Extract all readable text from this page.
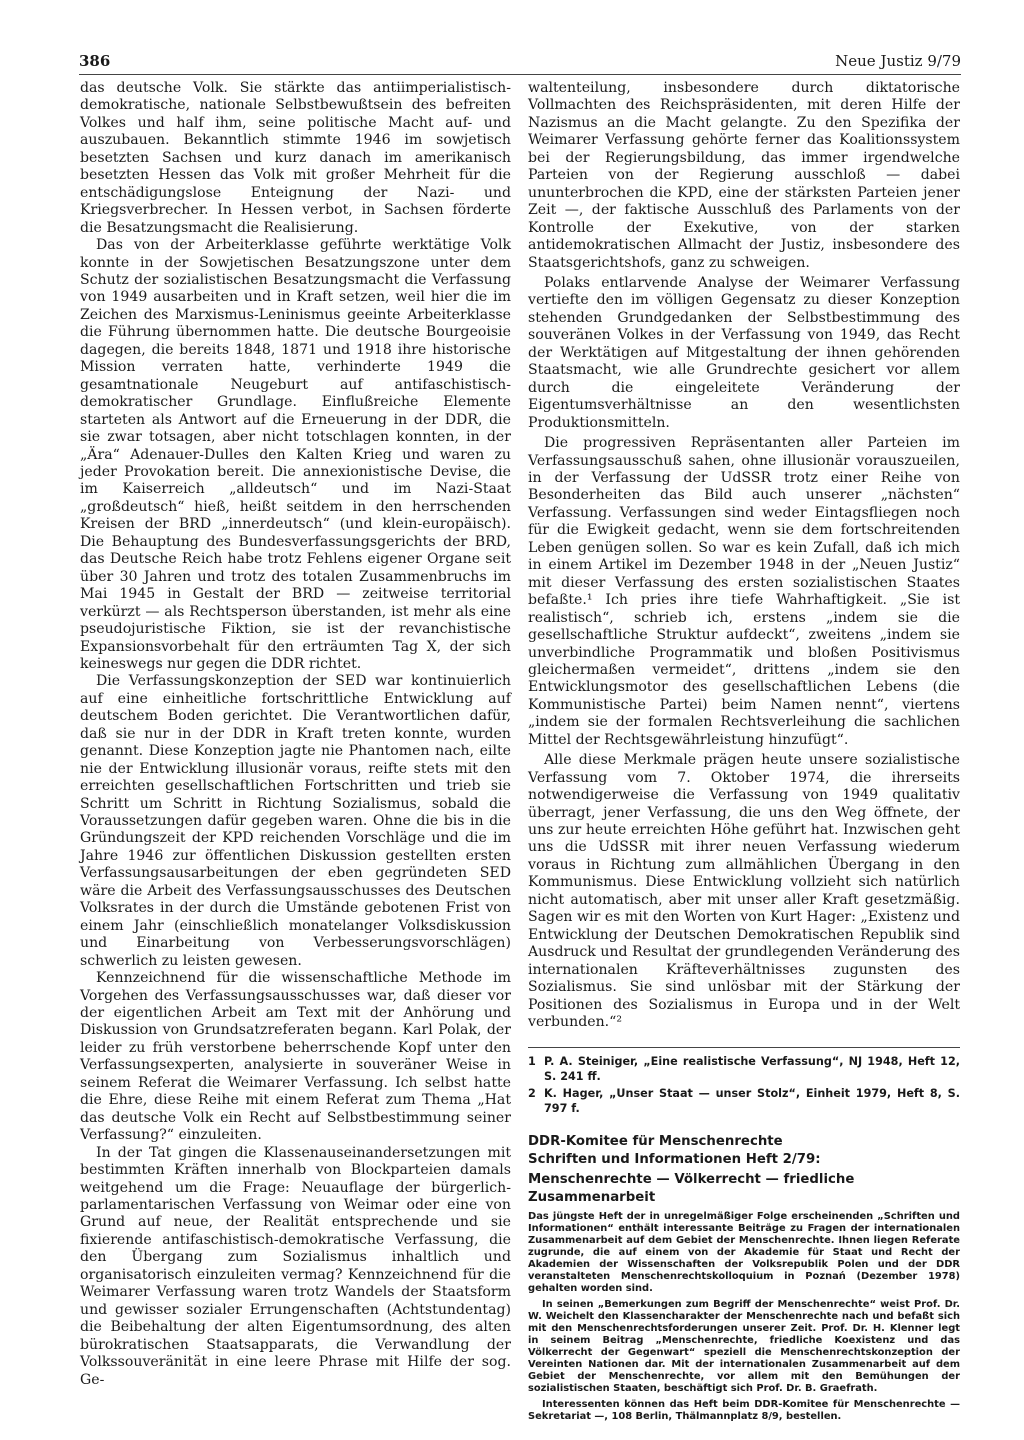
386	Neue Justiz 9/79

das deutsche Volk. Sie stärkte das antiimperialistisch-demokratische, nationale Selbstbewußtsein des befreiten Volkes und half ihm, seine politische Macht auf- und auszubauen. Bekanntlich stimmte 1946 im sowjetisch besetzten Sachsen und kurz danach im amerikanisch besetzten Hessen das Volk mit großer Mehrheit für die entschädigungslose Enteignung der Nazi- und Kriegsverbrecher. In Hessen verbot, in Sachsen förderte die Besatzungsmacht die Realisierung.

Das von der Arbeiterklasse geführte werktätige Volk konnte in der Sowjetischen Besatzungszone unter dem Schutz der sozialistischen Besatzungsmacht die Verfassung von 1949 ausarbeiten und in Kraft setzen, weil hier die im Zeichen des Marxismus-Leninismus geeinte Arbeiterklasse die Führung übernommen hatte. Die deutsche Bourgeoisie dagegen, die bereits 1848, 1871 und 1918 ihre historische Mission verraten hatte, verhinderte 1949 die gesamtnationale Neugeburt auf antifaschistisch-demokratischer Grundlage. Einflußreiche Elemente starteten als Antwort auf die Erneuerung in der DDR, die sie zwar totsagen, aber nicht totschlagen konnten, in der „Ära“ Adenauer-Dulles den Kalten Krieg und waren zu jeder Provokation bereit. Die annexionistische Devise, die im Kaiserreich „alldeutsch“ und im Nazi-Staat „großdeutsch“ hieß, heißt seitdem in den herrschenden Kreisen der BRD „innerdeutsch“ (und klein-europäisch). Die Behauptung des Bundesverfassungsgerichts der BRD, das Deutsche Reich habe trotz Fehlens eigener Organe seit über 30 Jahren und trotz des totalen Zusammenbruchs im Mai 1945 in Gestalt der BRD — zeitweise territorial verkürzt — als Rechtsperson überstanden, ist mehr als eine pseudojuristische Fiktion, sie ist der revanchistische Expansionsvorbehalt für den erträumten Tag X, der sich keineswegs nur gegen die DDR richtet.

Die Verfassungskonzeption der SED war kontinuierlich auf eine einheitliche fortschrittliche Entwicklung auf deutschem Boden gerichtet. Die Verantwortlichen dafür, daß sie nur in der DDR in Kraft treten konnte, wurden genannt. Diese Konzeption jagte nie Phantomen nach, eilte nie der Entwicklung illusionär voraus, reifte stets mit den erreichten gesellschaftlichen Fortschritten und trieb sie Schritt um Schritt in Richtung Sozialismus, sobald die Voraussetzungen dafür gegeben waren. Ohne die bis in die Gründungszeit der KPD reichenden Vorschläge und die im Jahre 1946 zur öffentlichen Diskussion gestellten ersten Verfassungsausarbeitungen der eben gegründeten SED wäre die Arbeit des Verfassungsausschusses des Deutschen Volksrates in der durch die Umstände gebotenen Frist von einem Jahr (einschließlich monatelanger Volksdiskussion und Einarbeitung von Verbesserungsvorschlägen) schwerlich zu leisten gewesen.

Kennzeichnend für die wissenschaftliche Methode im Vorgehen des Verfassungsausschusses war, daß dieser vor der eigentlichen Arbeit am Text mit der Anhörung und Diskussion von Grundsatzreferaten begann. Karl Polak, der leider zu früh verstorbene beherrschende Kopf unter den Verfassungsexperten, analysierte in souveräner Weise in seinem Referat die Weimarer Verfassung. Ich selbst hatte die Ehre, diese Reihe mit einem Referat zum Thema „Hat das deutsche Volk ein Recht auf Selbstbestimmung seiner Verfassung?“ einzuleiten.

In der Tat gingen die Klassenauseinandersetzungen mit bestimmten Kräften innerhalb von Blockparteien damals weitgehend um die Frage: Neuauflage der bürgerlich-parlamentarischen Verfassung von Weimar oder eine von Grund auf neue, der Realität entsprechende und sie fixierende antifaschistisch-demokratische Verfassung, die den Übergang zum Sozialismus inhaltlich und organisatorisch einzuleiten vermag? Kennzeichnend für die Weimarer Verfassung waren trotz Wandels der Staatsform und gewisser sozialer Errungenschaften (Achtstundentag) die Beibehaltung der alten Eigentumsordnung, des alten bürokratischen Staatsapparats, die Verwandlung der Volkssouveränität in eine leere Phrase mit Hilfe der sog. Ge-

waltenteilung, insbesondere durch diktatorische Vollmachten des Reichspräsidenten, mit deren Hilfe der Nazismus an die Macht gelangte. Zu den Spezifika der Weimarer Verfassung gehörte ferner das Koalitionssystem bei der Regierungsbildung, das immer irgendwelche Parteien von der Regierung ausschloß — dabei ununterbrochen die KPD, eine der stärksten Parteien jener Zeit —, der faktische Ausschluß des Parlaments von der Kontrolle der Exekutive, von der starken antidemokratischen Allmacht der Justiz, insbesondere des Staatsgerichtshofs, ganz zu schweigen.

Polaks entlarvende Analyse der Weimarer Verfassung vertiefte den im völligen Gegensatz zu dieser Konzeption stehenden Grundgedanken der Selbstbestimmung des souveränen Volkes in der Verfassung von 1949, das Recht der Werktätigen auf Mitgestaltung der ihnen gehörenden Staatsmacht, wie alle Grundrechte gesichert vor allem durch die eingeleitete Veränderung der Eigentumsverhältnisse an den wesentlichsten Produktionsmitteln.

Die progressiven Repräsentanten aller Parteien im Verfassungsausschuß sahen, ohne illusionär vorauszueilen, in der Verfassung der UdSSR trotz einer Reihe von Besonderheiten das Bild auch unserer „nächsten“ Verfassung. Verfassungen sind weder Eintagsfliegen noch für die Ewigkeit gedacht, wenn sie dem fortschreitenden Leben genügen sollen. So war es kein Zufall, daß ich mich in einem Artikel im Dezember 1948 in der „Neuen Justiz“ mit dieser Verfassung des ersten sozialistischen Staates befaßte.¹ Ich pries ihre tiefe Wahrhaftigkeit. „Sie ist realistisch“, schrieb ich, erstens „indem sie die gesellschaftliche Struktur aufdeckt“, zweitens „indem sie unverbindliche Programmatik und bloßen Positivismus gleichermaßen vermeidet“, drittens „indem sie den Entwicklungsmotor des gesellschaftlichen Lebens (die Kommunistische Partei) beim Namen nennt“, viertens „indem sie der formalen Rechtsverleihung die sachlichen Mittel der Rechtsgewährleistung hinzufügt“.

Alle diese Merkmale prägen heute unsere sozialistische Verfassung vom 7. Oktober 1974, die ihrerseits notwendigerweise die Verfassung von 1949 qualitativ überragt, jener Verfassung, die uns den Weg öffnete, der uns zur heute erreichten Höhe geführt hat. Inzwischen geht uns die UdSSR mit ihrer neuen Verfassung wiederum voraus in Richtung zum allmählichen Übergang in den Kommunismus. Diese Entwicklung vollzieht sich natürlich nicht automatisch, aber mit unser aller Kraft gesetzmäßig. Sagen wir es mit den Worten von Kurt Hager: „Existenz und Entwicklung der Deutschen Demokratischen Republik sind Ausdruck und Resultat der grundlegenden Veränderung des internationalen Kräfteverhältnisses zugunsten des Sozialismus. Sie sind unlösbar mit der Stärkung der Positionen des Sozialismus in Europa und in der Welt verbunden.“²

1 P. A. Steiniger, „Eine realistische Verfassung“, NJ 1948, Heft 12, S. 241 ff.
2 K. Hager, „Unser Staat — unser Stolz“, Einheit 1979, Heft 8, S. 797 f.
DDR-Komitee für Menschenrechte
Schriften und Informationen Heft 2/79:
Menschenrechte — Völkerrecht — friedliche Zusammenarbeit

Das jüngste Heft der in unregelmäßiger Folge erscheinenden „Schriften und Informationen“ enthält interessante Beiträge zu Fragen der internationalen Zusammenarbeit auf dem Gebiet der Menschenrechte. Ihnen liegen Referate zugrunde, die auf einem von der Akademie für Staat und Recht der Akademien der Wissenschaften der Volksrepublik Polen und der DDR veranstalteten Menschenrechtskolloquium in Poznań (Dezember 1978) gehalten worden sind.

In seinen „Bemerkungen zum Begriff der Menschenrechte“ weist Prof. Dr. W. Weichelt den Klassencharakter der Menschenrechte nach und befaßt sich mit den Menschenrechtsforderungen unserer Zeit. Prof. Dr. H. Klenner legt in seinem Beitrag „Menschenrechte, friedliche Koexistenz und das Völkerrecht der Gegenwart“ speziell die Menschenrechtskonzeption der Vereinten Nationen dar. Mit der internationalen Zusammenarbeit auf dem Gebiet der Menschenrechte, vor allem mit den Bemühungen der sozialistischen Staaten, beschäftigt sich Prof. Dr. B. Graefrath.

Interessenten können das Heft beim DDR-Komitee für Menschenrechte — Sekretariat —, 108 Berlin, Thälmannplatz 8/9, bestellen.
